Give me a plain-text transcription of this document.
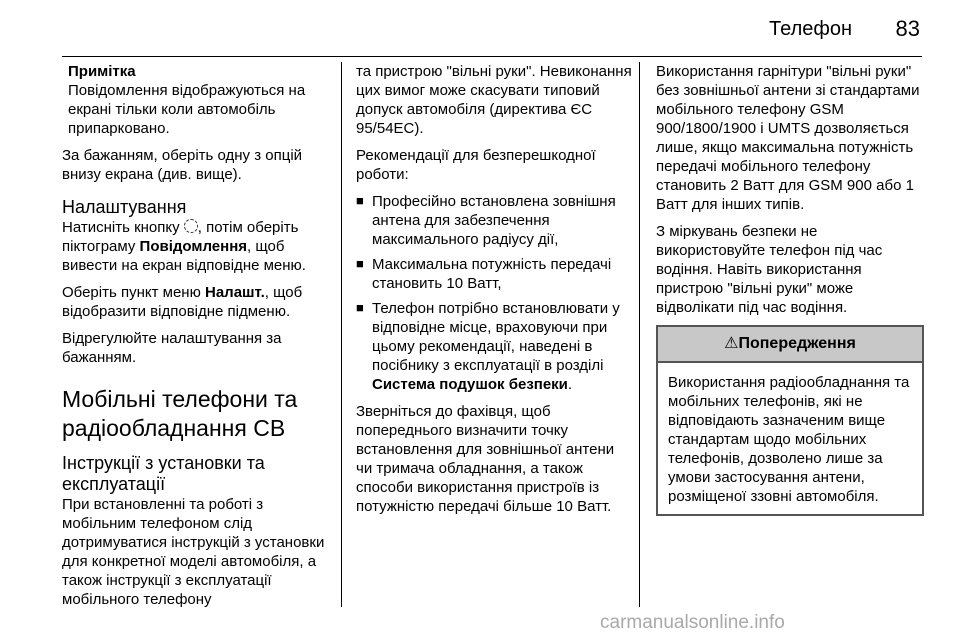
Телефон 83
Примітка
Повідомлення відображуються на екрані тільки коли автомобіль припарковано.

За бажанням, оберіть одну з опцій внизу екрана (див. вище).

Налаштування

Натисніть кнопку , потім оберіть піктограму Повідомлення, щоб вивести на екран відповідне меню.

Оберіть пункт меню Налашт., щоб відобразити відповідне підменю.

Відрегулюйте налаштування за бажанням.

Мобільні телефони та радіообладнання СВ
Інструкції з установки та експлуатації

При встановленні та роботі з мобільним телефоном слід дотримуватися інструкцій з установки для конкретної моделі автомобіля, а також інструкції з експлуатації мобільного телефону

та пристрою "вільні руки". Невиконання цих вимог може скасувати типовий допуск автомобіля (директива ЄС 95/54ЕС).

Рекомендації для безперешкодної роботи:

■ Професійно встановлена зовнішня антена для забезпечення максимального радіусу дії,
■ Максимальна потужність передачі становить 10 Ватт,
■ Телефон потрібно встановлювати у відповідне місце, враховуючи при цьому рекомендації, наведені в посібнику з експлуатації в розділі Система подушок безпеки.

Зверніться до фахівця, щоб попереднього визначити точку встановлення для зовнішньої антени чи тримача обладнання, а також способи використання пристроїв із потужністю передачі більше 10 Ватт.

Використання гарнітури "вільні руки" без зовнішньої антени зі стандартами мобільного телефону GSM 900/1800/1900 і UMTS дозволяється лише, якщо максимальна потужність передачі мобільного телефону становить 2 Ватт для GSM 900 або 1 Ватт для інших типів.

З міркувань безпеки не використовуйте телефон під час водіння. Навіть використання пристрою "вільні руки" може відволікати під час водіння.

⚠Попередження
Використання радіообладнання та мобільних телефонів, які не відповідають зазначеним вище стандартам щодо мобільних телефонів, дозволено лише за умови застосування антени, розміщеної ззовні автомобіля.
carmanualsonline.info
